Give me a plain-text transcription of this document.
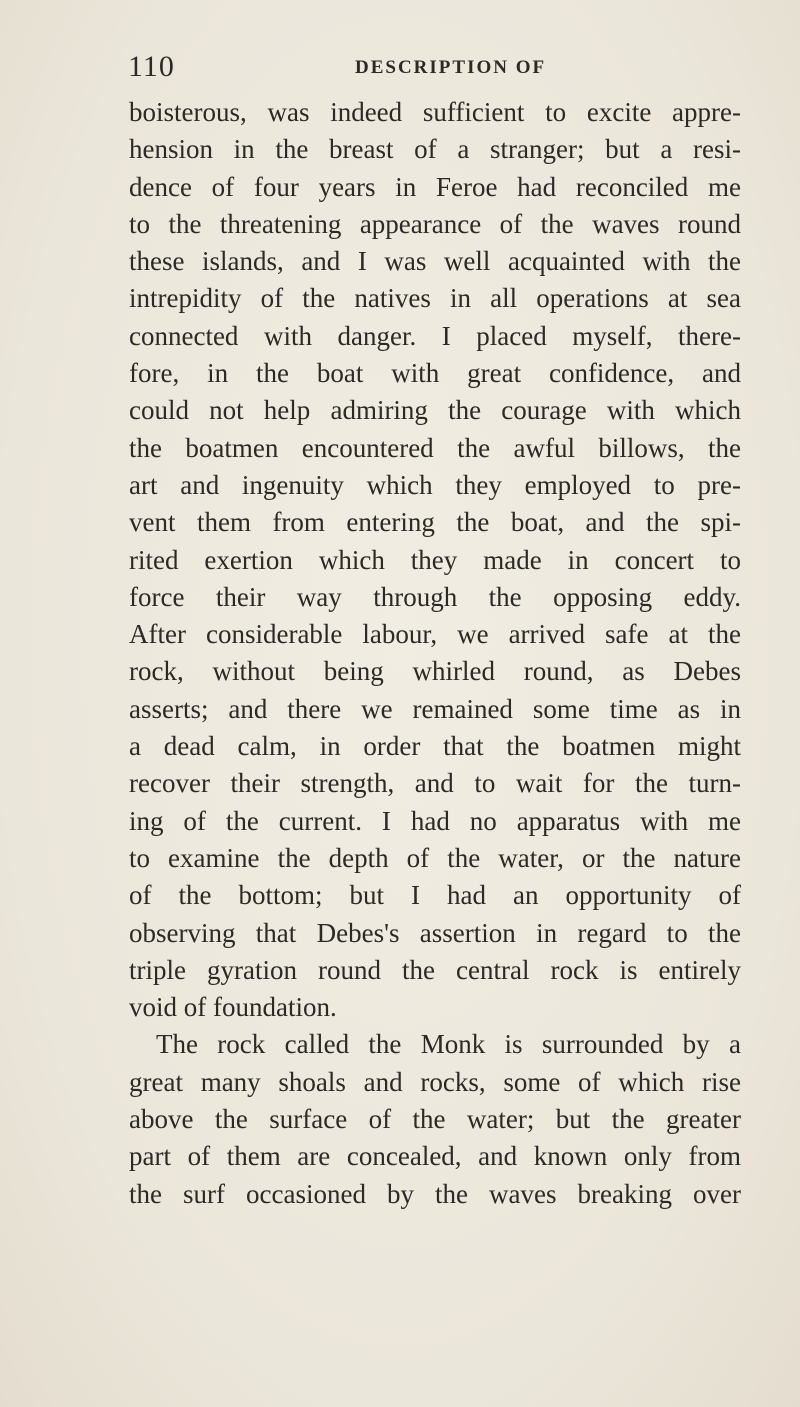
110	DESCRIPTION OF
boisterous, was indeed sufficient to excite appre-
hension in the breast of a stranger; but a resi-
dence of four years in Feroe had reconciled me
to the threatening appearance of the waves round
these islands, and I was well acquainted with the
intrepidity of the natives in all operations at sea
connected with danger. I placed myself, there-
fore, in the boat with great confidence, and
could not help admiring the courage with which
the boatmen encountered the awful billows, the
art and ingenuity which they employed to pre-
vent them from entering the boat, and the spi-
rited exertion which they made in concert to
force their way through the opposing eddy.
After considerable labour, we arrived safe at the
rock, without being whirled round, as Debes
asserts; and there we remained some time as in
a dead calm, in order that the boatmen might
recover their strength, and to wait for the turn-
ing of the current. I had no apparatus with me
to examine the depth of the water, or the nature
of the bottom; but I had an opportunity of
observing that Debes's assertion in regard to the
triple gyration round the central rock is entirely
void of foundation.
The rock called the Monk is surrounded by a
great many shoals and rocks, some of which rise
above the surface of the water; but the greater
part of them are concealed, and known only from
the surf occasioned by the waves breaking over
